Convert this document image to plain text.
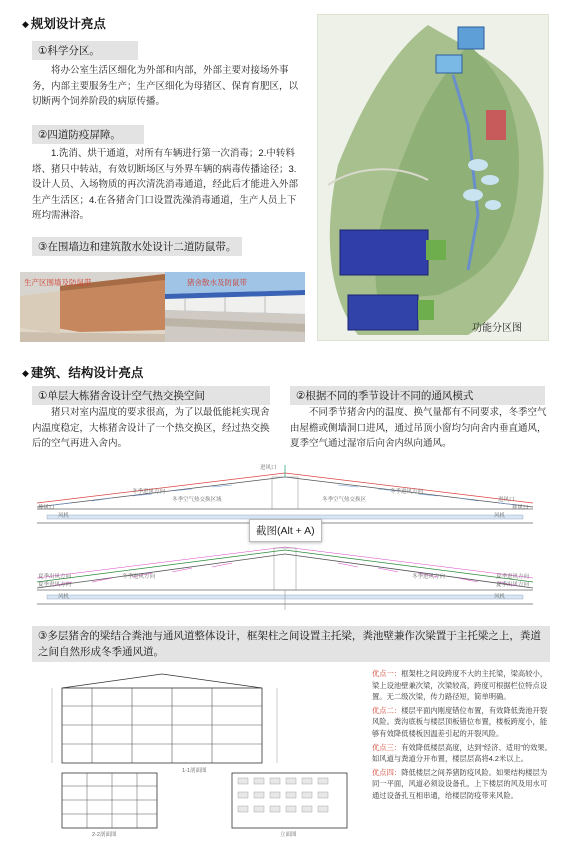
◆ 规划设计亮点
①科学分区。
将办公室生活区细化为外部和内部，外部主要对接场外事务，内部主要服务生产；生产区细化为母猪区、保育育肥区，以切断两个饲养阶段的病原传播。
②四道防疫屏障。
1.洗消、烘干通道，对所有车辆进行第一次消毒；2.中转料塔、猪只中转站，有效切断场区与外界车辆的病毒传播途径；3.设计人员、入场物质的再次清洗消毒通道，经此后才能进入外部生产生活区；4.在各猪舍门口设置洗澡消毒通道，生产人员上下班均需淋浴。
③在围墙边和建筑散水处设计二道防鼠带。
生产区围墙及防鼠带	猪舍散水及防鼠带
功能分区图
◆ 建筑、结构设计亮点
①单层大栋猪舍设计空气热交换空间
猪只对室内温度的要求很高，为了以最低能耗实现舍内温度稳定，大栋猪舍设计了一个热交换区，经过热交换后的空气再进入舍内。
②根据不同的季节设计不同的通风模式
不同季节猪舍内的温度、换气量都有不同要求，冬季空气由屋檐或侧墙洞口进风，通过吊顶小窗均匀向舍内垂直通风，夏季空气通过湿帘后向舍内纵向通风。
进风口
冬季进风方向
冬季空气热交换区域	冬季空气热交换区
冬季进风方向
进风口
风机	风机
排风口	排风口
截图(Alt + A)
夏季出风方向
夏季进风方向
冬季进风方向	冬季进风方向	夏季进风方向
夏季出风方向
风机	风机
③多层猪舍的梁结合粪池与通风道整体设计，框架柱之间设置主托梁，粪池壁兼作次梁置于主托梁之上，粪道之间自然形成冬季通风道。
1-1剖面图
2-2剖面图	立面图

优点一：框架柱之间设跨度不大的主托梁，梁高较小，梁上设池壁兼次梁，次梁较高，跨度可根据栏位特点设置。无二级次梁，传力路径短，简单明确。

优点二：楼层平面内刚度错位布置，有效降低粪池开裂风险。粪沟底板与楼层顶板错位布置，楼板跨度小，能够有效降低楼板因温差引起的开裂风险。

优点三：有效降低楼层高度，达到“经济、适用”的效果。如风道与粪道分开布置，楼层层高将4.2米以上。

优点四：降低楼层之间养猪防疫风险。如果结构楼层为同一平面，风道必须设设备孔，上下楼层的风及用水可通过设备孔互相串通，给楼层防疫带来风险。
